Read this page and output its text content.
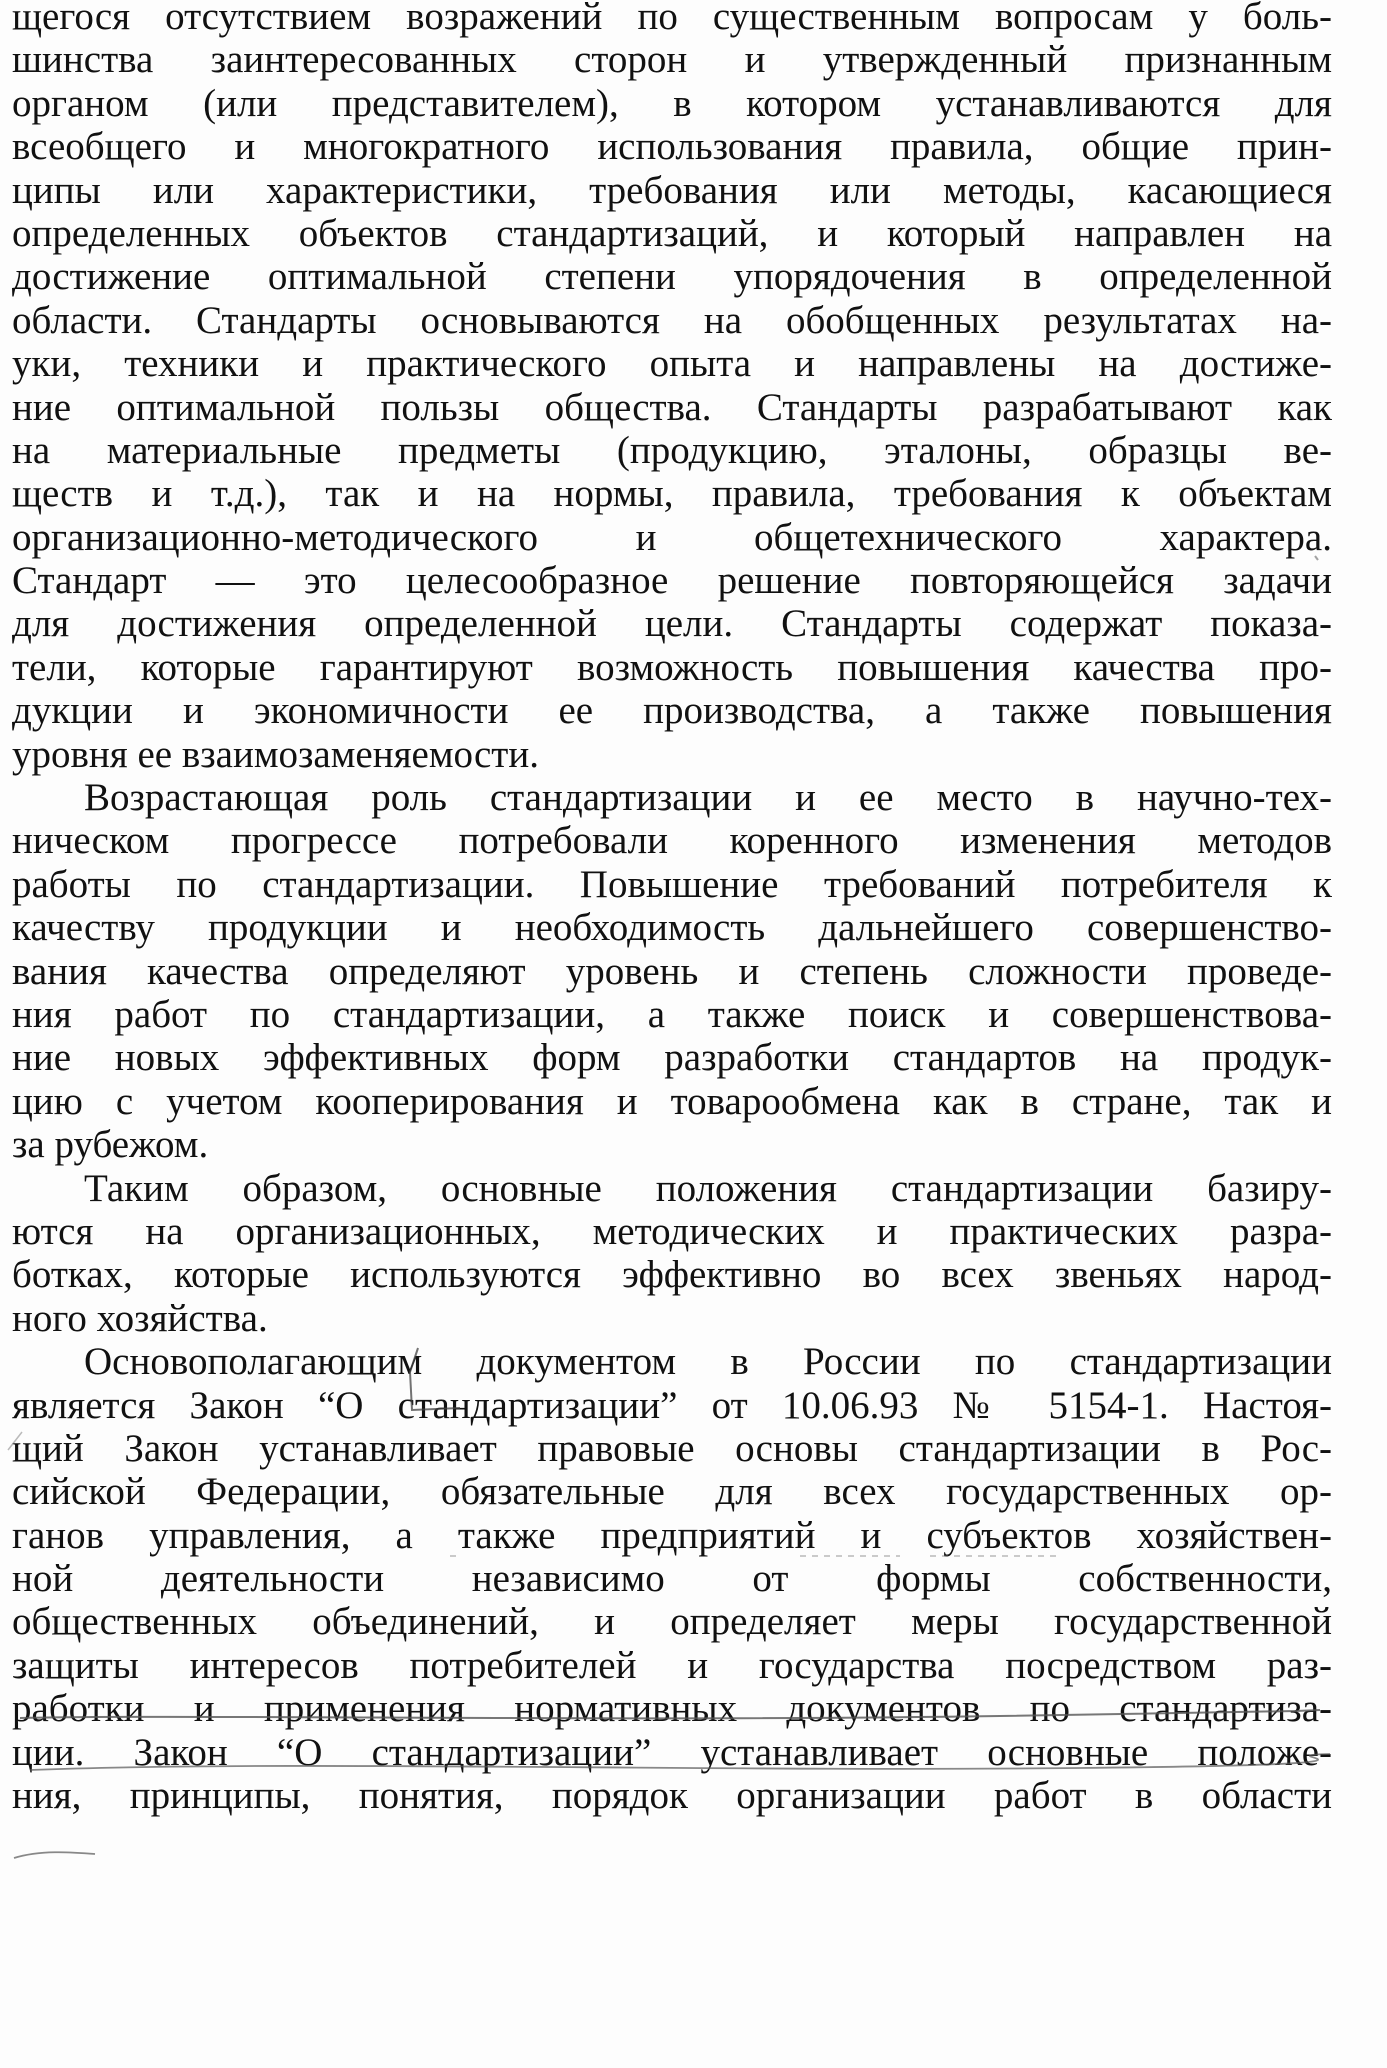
щегося отсутствием возражений по существенным вопросам у боль-
шинства заинтересованных сторон и утвержденный признанным
органом (или представителем), в котором устанавливаются для
всеобщего и многократного использования правила, общие прин-
ципы или характеристики, требования или методы, касающиеся
определенных объектов стандартизаций, и который направлен на
достижение оптимальной степени упорядочения в определенной
области. Стандарты основываются на обобщенных результатах на-
уки, техники и практического опыта и направлены на достиже-
ние оптимальной пользы общества. Стандарты разрабатывают как
на материальные предметы (продукцию, эталоны, образцы ве-
ществ и т.д.), так и на нормы, правила, требования к объектам
организационно-методического и общетехнического характера.
Стандарт — это целесообразное решение повторяющейся задачи
для достижения определенной цели. Стандарты содержат показа-
тели, которые гарантируют возможность повышения качества про-
дукции и экономичности ее производства, а также повышения
уровня ее взаимозаменяемости.
Возрастающая роль стандартизации и ее место в научно-тех-
ническом прогрессе потребовали коренного изменения методов
работы по стандартизации. Повышение требований потребителя к
качеству продукции и необходимость дальнейшего совершенство-
вания качества определяют уровень и степень сложности проведе-
ния работ по стандартизации, а также поиск и совершенствова-
ние новых эффективных форм разработки стандартов на продук-
цию с учетом кооперирования и товарообмена как в стране, так и
за рубежом.
Таким образом, основные положения стандартизации базиру-
ются на организационных, методических и практических разра-
ботках, которые используются эффективно во всех звеньях народ-
ного хозяйства.
Основополагающим документом в России по стандартизации
является Закон “О стандартизации” от 10.06.93 № 5154-1. Настоя-
щий Закон устанавливает правовые основы стандартизации в Рос-
сийской Федерации, обязательные для всех государственных ор-
ганов управления, а также предприятий и субъектов хозяйствен-
ной деятельности независимо от формы собственности,
общественных объединений, и определяет меры государственной
защиты интересов потребителей и государства посредством раз-
работки и применения нормативных документов по стандартиза-
ции. Закон “О стандартизации” устанавливает основные положе-
ния, принципы, понятия, порядок организации работ в области
